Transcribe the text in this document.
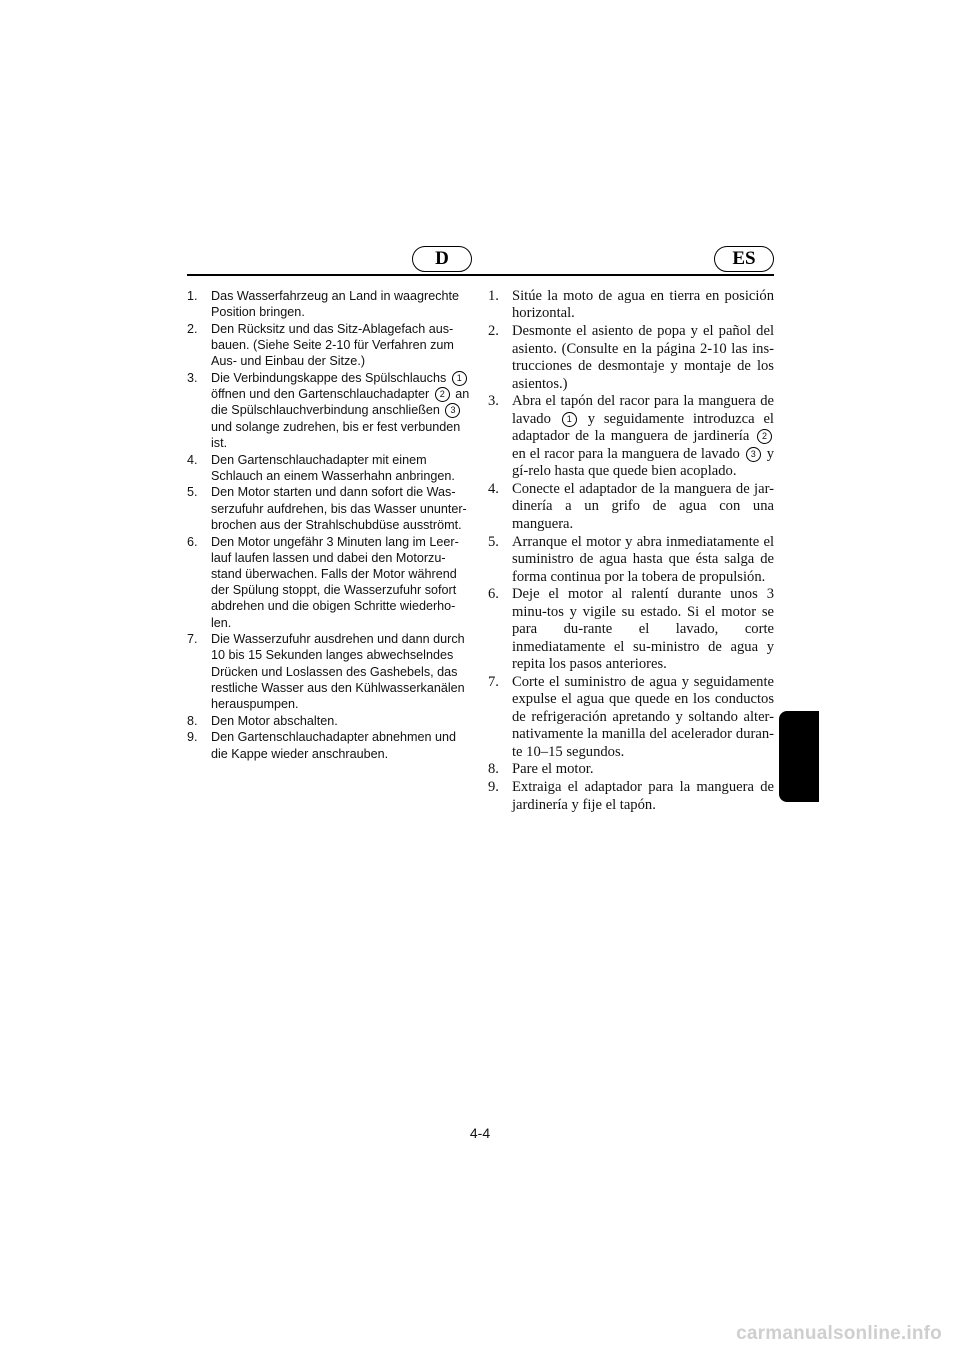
D	ES
1. Das Wasserfahrzeug an Land in waagrechte Position bringen.
2. Den Rücksitz und das Sitz-Ablagefach aus-bauen. (Siehe Seite 2-10 für Verfahren zum Aus- und Einbau der Sitze.)
3. Die Verbindungskappe des Spülschlauchs 1 öffnen und den Gartenschlauchadapter 2 an die Spülschlauchverbindung anschließen 3 und solange zudrehen, bis er fest verbunden ist.
4. Den Gartenschlauchadapter mit einem Schlauch an einem Wasserhahn anbringen.
5. Den Motor starten und dann sofort die Was-serzufuhr aufdrehen, bis das Wasser ununter-brochen aus der Strahlschubdüse ausströmt.
6. Den Motor ungefähr 3 Minuten lang im Leer-lauf laufen lassen und dabei den Motorzu-stand überwachen. Falls der Motor während der Spülung stoppt, die Wasserzufuhr sofort abdrehen und die obigen Schritte wiederho-len.
7. Die Wasserzufuhr ausdrehen und dann durch 10 bis 15 Sekunden langes abwechselndes Drücken und Loslassen des Gashebels, das restliche Wasser aus den Kühlwasserkanälen herauspumpen.
8. Den Motor abschalten.
9. Den Gartenschlauchadapter abnehmen und die Kappe wieder anschrauben.
1. Sitúe la moto de agua en tierra en posición horizontal.
2. Desmonte el asiento de popa y el pañol del asiento. (Consulte en la página 2-10 las ins-trucciones de desmontaje y montaje de los asientos.)
3. Abra el tapón del racor para la manguera de lavado 1 y seguidamente introduzca el adaptador de la manguera de jardinería 2 en el racor para la manguera de lavado 3 y gí-relo hasta que quede bien acoplado.
4. Conecte el adaptador de la manguera de jar-dinería a un grifo de agua con una manguera.
5. Arranque el motor y abra inmediatamente el suministro de agua hasta que ésta salga de forma continua por la tobera de propulsión.
6. Deje el motor al ralentí durante unos 3 minu-tos y vigile su estado. Si el motor se para du-rante el lavado, corte inmediatamente el su-ministro de agua y repita los pasos anteriores.
7. Corte el suministro de agua y seguidamente expulse el agua que quede en los conductos de refrigeración apretando y soltando alter-nativamente la manilla del acelerador duran-te 10–15 segundos.
8. Pare el motor.
9. Extraiga el adaptador para la manguera de jardinería y fije el tapón.
4-4
carmanualsonline.info
